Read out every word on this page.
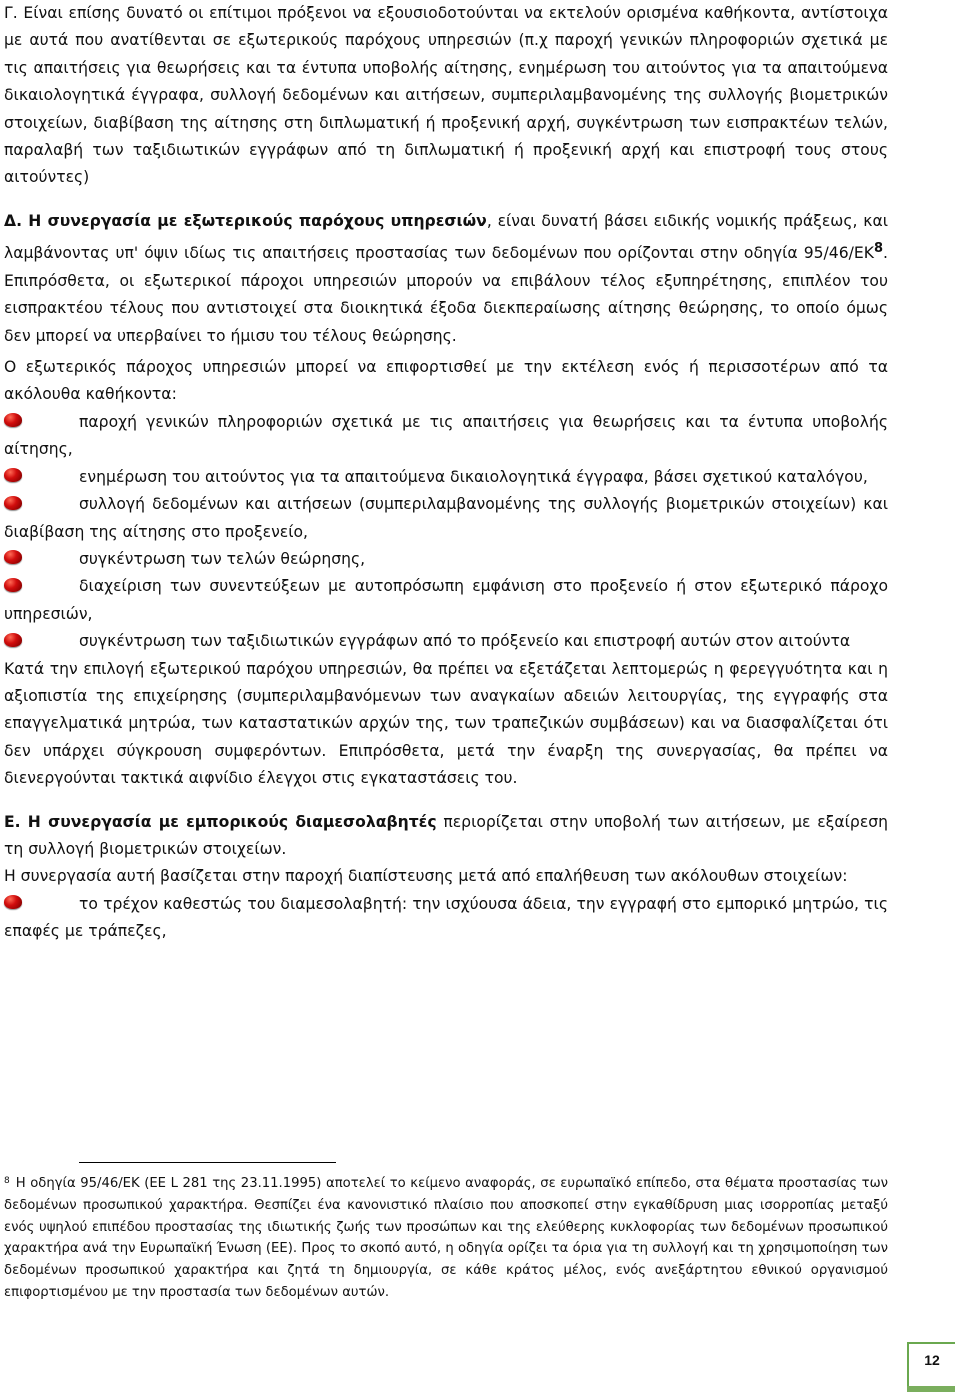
Γ. Είναι επίσης δυνατό οι επίτιμοι πρόξενοι να εξουσιοδοτούνται να εκτελούν ορισμένα καθήκοντα, αντίστοιχα με αυτά που ανατίθενται σε εξωτερικούς παρόχους υπηρεσιών (π.χ παροχή γενικών πληροφοριών σχετικά με τις απαιτήσεις για θεωρήσεις και τα έντυπα υποβολής αίτησης, ενημέρωση του αιτούντος για τα απαιτούμενα δικαιολογητικά έγγραφα, συλλογή δεδομένων και αιτήσεων, συμπεριλαμβανομένης της συλλογής βιομετρικών στοιχείων, διαβίβαση της αίτησης στη διπλωματική ή προξενική αρχή, συγκέντρωση των εισπρακτέων τελών, παραλαβή των ταξιδιωτικών εγγράφων από τη διπλωματική ή προξενική αρχή και επιστροφή τους στους αιτούντες)

Δ. Η συνεργασία με εξωτερικούς παρόχους υπηρεσιών, είναι δυνατή βάσει ειδικής νομικής πράξεως, και λαμβάνοντας υπ' όψιν ιδίως τις απαιτήσεις προστασίας των δεδομένων που ορίζονται στην οδηγία $95/46/EK^8$. Επιπρόσθετα, οι εξωτερικοί πάροχοι υπηρεσιών μπορούν να επιβάλουν τέλος εξυπηρέτησης, επιπλέον του εισπρακτέου τέλους που αντιστοιχεί στα διοικητικά έξοδα διεκπεραίωσης αίτησης θεώρησης, το οποίο όμως δεν μπορεί να υπερβαίνει το ήμισυ του τέλους θεώρησης.

Ο εξωτερικός πάροχος υπηρεσιών μπορεί να επιφορτισθεί με την εκτέλεση ενός ή περισσοτέρων από τα ακόλουθα καθήκοντα:

παροχή γενικών πληροφοριών σχετικά με τις απαιτήσεις για θεωρήσεις και τα έντυπα υποβολής αίτησης,

ενημέρωση του αιτούντος για τα απαιτούμενα δικαιολογητικά έγγραφα, βάσει σχετικού καταλόγου,

συλλογή δεδομένων και αιτήσεων (συμπεριλαμβανομένης της συλλογής βιομετρικών στοιχείων) και διαβίβαση της αίτησης στο προξενείο,

συγκέντρωση των τελών θεώρησης,

διαχείριση των συνεντεύξεων με αυτοπρόσωπη εμφάνιση στο προξενείο ή στον εξωτερικό πάροχο υπηρεσιών,

συγκέντρωση των ταξιδιωτικών εγγράφων από το πρόξενείο και επιστροφή αυτών στον αιτούντα

Κατά την επιλογή εξωτερικού παρόχου υπηρεσιών, θα πρέπει να εξετάζεται λεπτομερώς η φερεγγυότητα και η αξιοπιστία της επιχείρησης (συμπεριλαμβανόμενων των αναγκαίων αδειών λειτουργίας, της εγγραφής στα επαγγελματικά μητρώα, των καταστατικών αρχών της, των τραπεζικών συμβάσεων) και να διασφαλίζεται ότι δεν υπάρχει σύγκρουση συμφερόντων. Επιπρόσθετα, μετά την έναρξη της συνεργασίας, θα πρέπει να διενεργούνται τακτικά αιφνίδιο έλεγχοι στις εγκαταστάσεις του.

Ε. Η συνεργασία με εμπορικούς διαμεσολαβητές περιορίζεται στην υποβολή των αιτήσεων, με εξαίρεση τη συλλογή βιομετρικών στοιχείων.

Η συνεργασία αυτή βασίζεται στην παροχή διαπίστευσης μετά από επαλήθευση των ακόλουθων στοιχείων:

το τρέχον καθεστώς του διαμεσολαβητή: την ισχύουσα άδεια, την εγγραφή στο εμπορικό μητρώο, τις επαφές με τράπεζες,

$^8$ Η οδηγία 95/46/ΕΚ (ΕΕ L 281 της 23.11.1995) αποτελεί το κείμενο αναφοράς, σε ευρωπαϊκό επίπεδο, στα θέματα προστασίας των δεδομένων προσωπικού χαρακτήρα. Θεσπίζει ένα κανονιστικό πλαίσιο που αποσκοπεί στην εγκαθίδρυση μιας ισορροπίας μεταξύ ενός υψηλού επιπέδου προστασίας της ιδιωτικής ζωής των προσώπων και της ελεύθερης κυκλοφορίας των δεδομένων προσωπικού χαρακτήρα ανά την Ευρωπαϊκή Ένωση (ΕΕ). Προς το σκοπό αυτό, η οδηγία ορίζει τα όρια για τη συλλογή και τη χρησιμοποίηση των δεδομένων προσωπικού χαρακτήρα και ζητά τη δημιουργία, σε κάθε κράτος μέλος, ενός ανεξάρτητου εθνικού οργανισμού επιφορτισμένου με την προστασία των δεδομένων αυτών.
12
